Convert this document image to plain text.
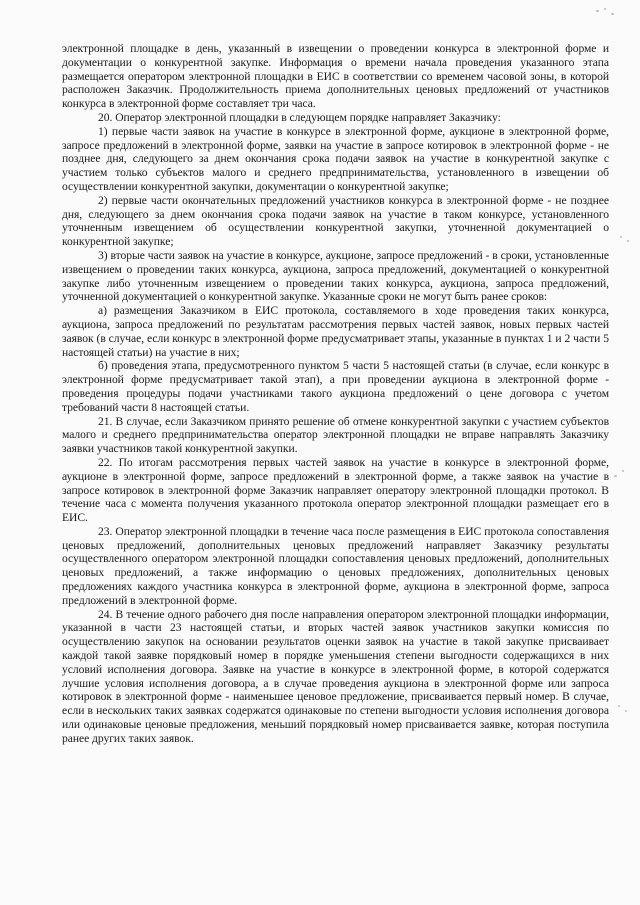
электронной площадке в день, указанный в извещении о проведении конкурса в электронной форме и документации о конкурентной закупке. Информация о времени начала проведения указанного этапа размещается оператором электронной площадки в ЕИС в соответствии со временем часовой зоны, в которой расположен Заказчик. Продолжительность приема дополнительных ценовых предложений от участников конкурса в электронной форме составляет три часа.

20. Оператор электронной площадки в следующем порядке направляет Заказчику:

1) первые части заявок на участие в конкурсе в электронной форме, аукционе в электронной форме, запросе предложений в электронной форме, заявки на участие в запросе котировок в электронной форме - не позднее дня, следующего за днем окончания срока подачи заявок на участие в конкурентной закупке с участием только субъектов малого и среднего предпринимательства, установленного в извещении об осуществлении конкурентной закупки, документации о конкурентной закупке;

2) первые части окончательных предложений участников конкурса в электронной форме - не позднее дня, следующего за днем окончания срока подачи заявок на участие в таком конкурсе, установленного уточненным извещением об осуществлении конкурентной закупки, уточненной документацией о конкурентной закупке;

3) вторые части заявок на участие в конкурсе, аукционе, запросе предложений - в сроки, установленные извещением о проведении таких конкурса, аукциона, запроса предложений, документацией о конкурентной закупке либо уточненным извещением о проведении таких конкурса, аукциона, запроса предложений, уточненной документацией о конкурентной закупке. Указанные сроки не могут быть ранее сроков:

а) размещения Заказчиком в ЕИС протокола, составляемого в ходе проведения таких конкурса, аукциона, запроса предложений по результатам рассмотрения первых частей заявок, новых первых частей заявок (в случае, если конкурс в электронной форме предусматривает этапы, указанные в пунктах 1 и 2 части 5 настоящей статьи) на участие в них;

б) проведения этапа, предусмотренного пунктом 5 части 5 настоящей статьи (в случае, если конкурс в электронной форме предусматривает такой этап), а при проведении аукциона в электронной форме - проведения процедуры подачи участниками такого аукциона предложений о цене договора с учетом требований части 8 настоящей статьи.

21. В случае, если Заказчиком принято решение об отмене конкурентной закупки с участием субъектов малого и среднего предпринимательства оператор электронной площадки не вправе направлять Заказчику заявки участников такой конкурентной закупки.

22. По итогам рассмотрения первых частей заявок на участие в конкурсе в электронной форме, аукционе в электронной форме, запросе предложений в электронной форме, а также заявок на участие в запросе котировок в электронной форме Заказчик направляет оператору электронной площадки протокол. В течение часа с момента получения указанного протокола оператор электронной площадки размещает его в ЕИС.

23. Оператор электронной площадки в течение часа после размещения в ЕИС протокола сопоставления ценовых предложений, дополнительных ценовых предложений направляет Заказчику результаты осуществленного оператором электронной площадки сопоставления ценовых предложений, дополнительных ценовых предложений, а также информацию о ценовых предложениях, дополнительных ценовых предложениях каждого участника конкурса в электронной форме, аукциона в электронной форме, запроса предложений в электронной форме.

24. В течение одного рабочего дня после направления оператором электронной площадки информации, указанной в части 23 настоящей статьи, и вторых частей заявок участников закупки комиссия по осуществлению закупок на основании результатов оценки заявок на участие в такой закупке присваивает каждой такой заявке порядковый номер в порядке уменьшения степени выгодности содержащихся в них условий исполнения договора. Заявке на участие в конкурсе в электронной форме, в которой содержатся лучшие условия исполнения договора, а в случае проведения аукциона в электронной форме или запроса котировок в электронной форме - наименьшее ценовое предложение, присваивается первый номер. В случае, если в нескольких таких заявках содержатся одинаковые по степени выгодности условия исполнения договора или одинаковые ценовые предложения, меньший порядковый номер присваивается заявке, которая поступила ранее других таких заявок.
